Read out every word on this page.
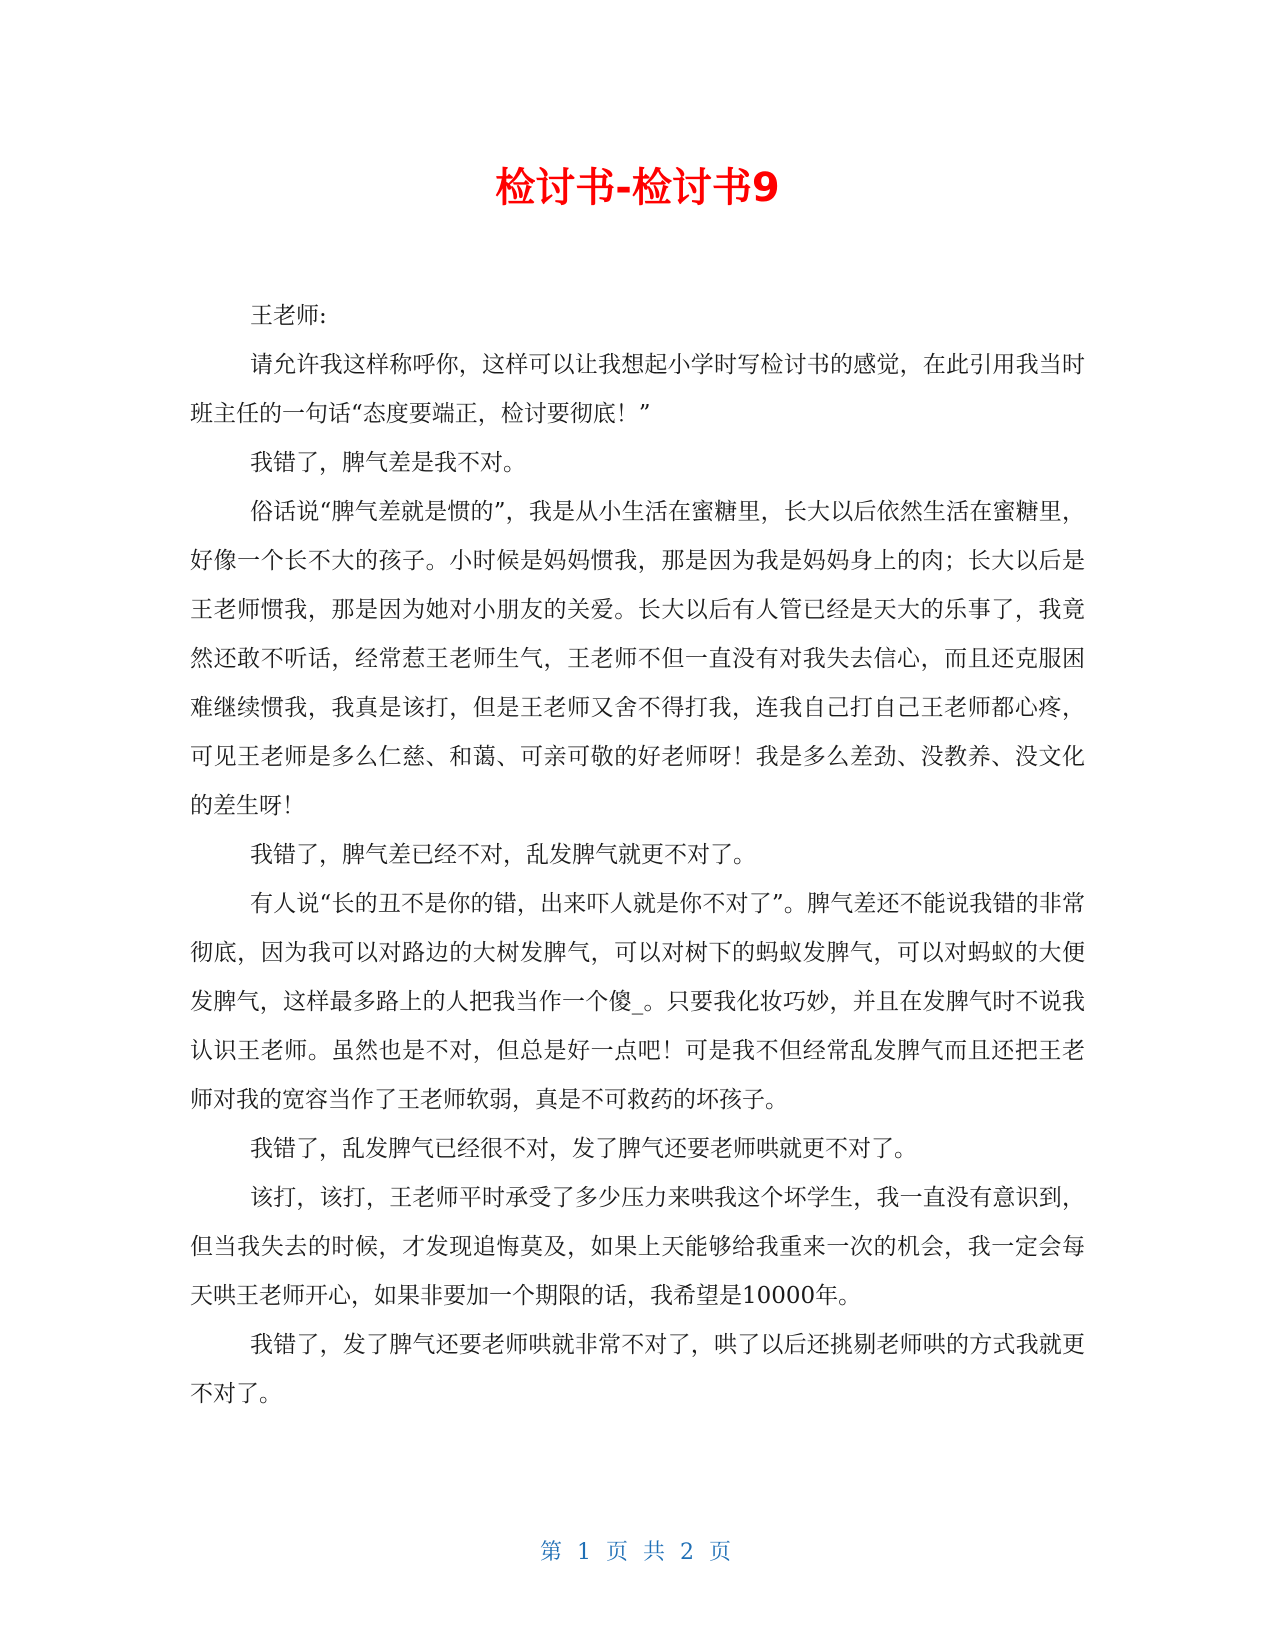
检讨书-检讨书9

王老师:

请允许我这样称呼你，这样可以让我想起小学时写检讨书的感觉，在此引用我当时班主任的一句话“态度要端正，检讨要彻底！”

我错了，脾气差是我不对。

俗话说“脾气差就是惯的”，我是从小生活在蜜糖里，长大以后依然生活在蜜糖里，好像一个长不大的孩子。小时候是妈妈惯我，那是因为我是妈妈身上的肉；长大以后是王老师惯我，那是因为她对小朋友的关爱。长大以后有人管已经是天大的乐事了，我竟然还敢不听话，经常惹王老师生气，王老师不但一直没有对我失去信心，而且还克服困难继续惯我，我真是该打，但是王老师又舍不得打我，连我自己打自己王老师都心疼，可见王老师是多么仁慈、和蔼、可亲可敬的好老师呀！我是多么差劲、没教养、没文化的差生呀！

我错了，脾气差已经不对，乱发脾气就更不对了。

有人说“长的丑不是你的错，出来吓人就是你不对了”。脾气差还不能说我错的非常彻底，因为我可以对路边的大树发脾气，可以对树下的蚂蚁发脾气，可以对蚂蚁的大便发脾气，这样最多路上的人把我当作一个傻_。只要我化妆巧妙，并且在发脾气时不说我认识王老师。虽然也是不对，但总是好一点吧！可是我不但经常乱发脾气而且还把王老师对我的宽容当作了王老师软弱，真是不可救药的坏孩子。

我错了，乱发脾气已经很不对，发了脾气还要老师哄就更不对了。

该打，该打，王老师平时承受了多少压力来哄我这个坏学生，我一直没有意识到，但当我失去的时候，才发现追悔莫及，如果上天能够给我重来一次的机会，我一定会每天哄王老师开心，如果非要加一个期限的话，我希望是10000年。

我错了，发了脾气还要老师哄就非常不对了，哄了以后还挑剔老师哄的方式我就更不对了。

第 1 页 共 2 页
